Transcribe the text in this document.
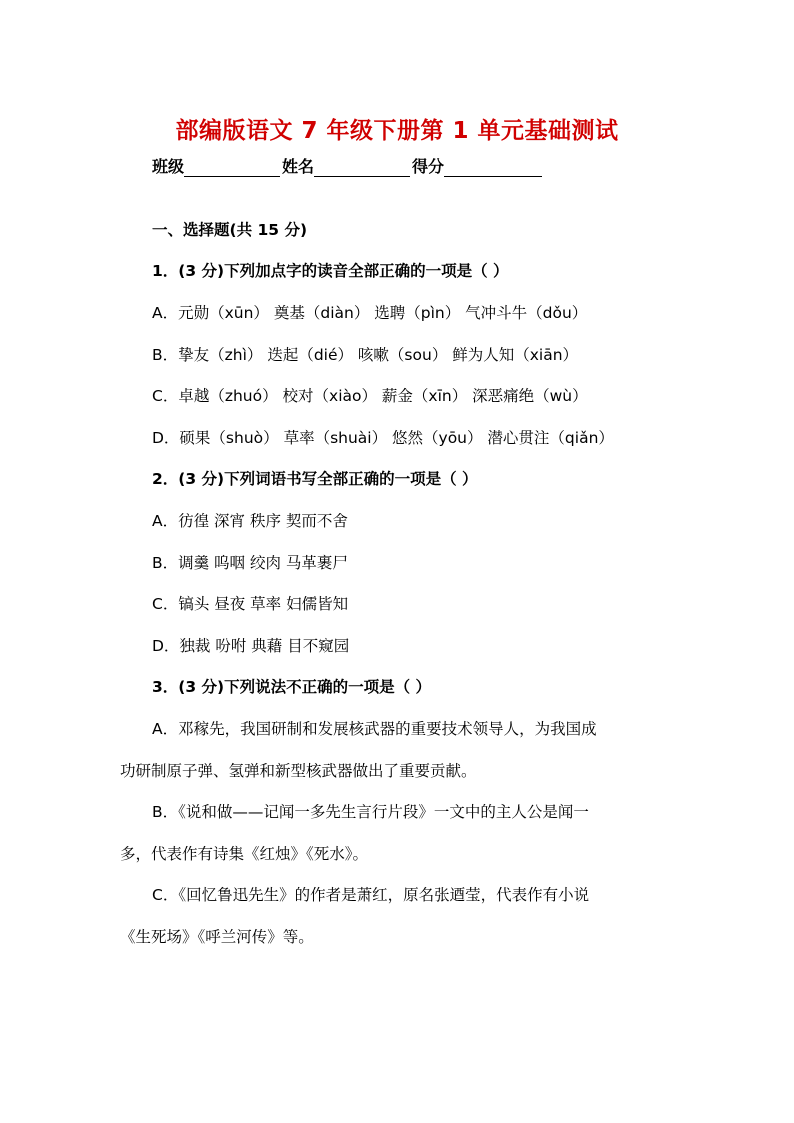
部编版语文 7 年级下册第 1 单元基础测试
班级	姓名	得分
一、选择题(共 15 分)
1．(3 分)下列加点字的读音全部正确的一项是（ ）
A．元勋（xūn） 奠基（diàn） 选聘（pìn） 气冲斗牛（dǒu）
B．挚友（zhì） 迭起（dié） 咳嗽（sou） 鲜为人知（xiān）
C．卓越（zhuó） 校对（xiào） 薪金（xīn） 深恶痛绝（wù）
D．硕果（shuò） 草率（shuài） 悠然（yōu） 潜心贯注（qiǎn）
2．(3 分)下列词语书写全部正确的一项是（ ）
A．彷徨 深宵 秩序 契而不舍
B．调羹 呜咽 绞肉 马革裹尸
C．镐头 昼夜 草率 妇儒皆知
D．独裁 吩咐 典藉 目不窥园
3．(3 分)下列说法不正确的一项是（ ）
A．邓稼先，我国研制和发展核武器的重要技术领导人，为我国成
功研制原子弹、氢弹和新型核武器做出了重要贡献。
B．《说和做——记闻一多先生言行片段》一文中的主人公是闻一
多，代表作有诗集《红烛》《死水》。
C．《回忆鲁迅先生》的作者是萧红，原名张逎莹，代表作有小说
《生死场》《呼兰河传》等。
